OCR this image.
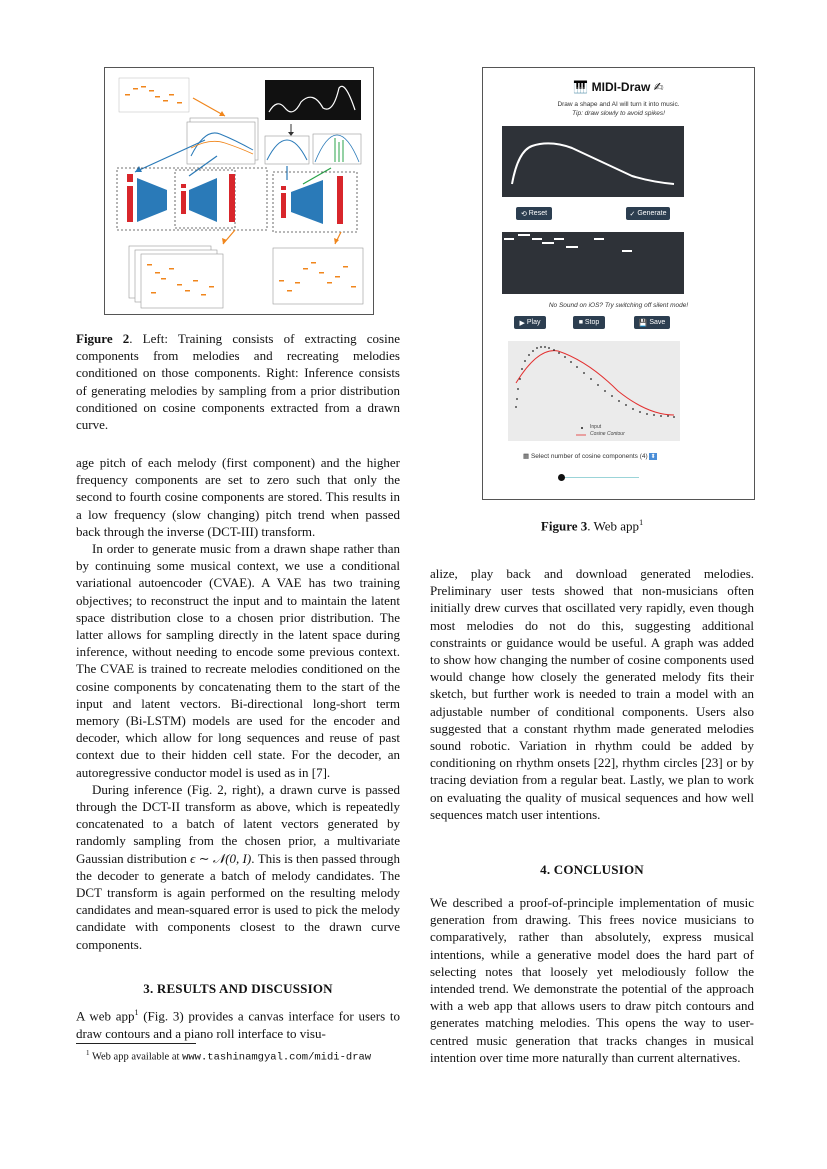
Figure 2. Left: Training consists of extracting cosine components from melodies and recreating melodies conditioned on those components. Right: Inference consists of generating melodies by sampling from a prior distribution conditioned on cosine components extracted from a drawn curve.
🎹 MIDI-Draw ✍
Draw a shape and AI will turn it into music.
Tip: draw slowly to avoid spikes!
⟲ Reset	✓ Generate
No Sound on iOS? Try switching off silent mode!
▶ Play	■ Stop	💾 Save
Input
Cosine Contour
▦ Select number of cosine components (4) ⬍
Figure 3. Web app$^1$

age pitch of each melody (first component) and the higher frequency components are set to zero such that only the second to fourth cosine components are stored. This results in a low frequency (slow changing) pitch trend when passed back through the inverse (DCT-III) transform.

In order to generate music from a drawn shape rather than by continuing some musical context, we use a conditional variational autoencoder (CVAE). A VAE has two training objectives; to reconstruct the input and to maintain the latent space distribution close to a chosen prior distribution. The latter allows for sampling directly in the latent space during inference, without needing to encode some previous context. The CVAE is trained to recreate melodies conditioned on the cosine components by concatenating them to the start of the input and latent vectors. Bi-directional long-short term memory (Bi-LSTM) models are used for the encoder and decoder, which allow for long sequences and reuse of past context due to their hidden cell state. For the decoder, an autoregressive conductor model is used as in [7].

During inference (Fig. 2, right), a drawn curve is passed through the DCT-II transform as above, which is repeatedly concatenated to a batch of latent vectors generated by randomly sampling from the chosen prior, a multivariate Gaussian distribution ϵ ∼ 𝒩(0, I). This is then passed through the decoder to generate a batch of melody candidates. The DCT transform is again performed on the resulting melody candidates and mean-squared error is used to pick the melody candidate with components closest to the drawn curve components.

3. RESULTS AND DISCUSSION

A web app$^1$ (Fig. 3) provides a canvas interface for users to draw contours and a piano roll interface to visu-

$^1$ Web app available at www.tashinamgyal.com/midi-draw

alize, play back and download generated melodies. Preliminary user tests showed that non-musicians often initially drew curves that oscillated very rapidly, even though most melodies do not do this, suggesting additional constraints or guidance would be useful. A graph was added to show how changing the number of cosine components used would change how closely the generated melody fits their sketch, but further work is needed to train a model with an adjustable number of conditional components. Users also suggested that a constant rhythm made generated melodies sound robotic. Variation in rhythm could be added by conditioning on rhythm onsets [22], rhythm circles [23] or by tracing deviation from a regular beat. Lastly, we plan to work on evaluating the quality of musical sequences and how well sequences match user intentions.

4. CONCLUSION

We described a proof-of-principle implementation of music generation from drawing. This frees novice musicians to comparatively, rather than absolutely, express musical intentions, while a generative model does the hard part of selecting notes that loosely yet melodiously follow the intended trend. We demonstrate the potential of the approach with a web app that allows users to draw pitch contours and generates matching melodies. This opens the way to user-centred music generation that tracks changes in musical intention over time more naturally than current alternatives.
